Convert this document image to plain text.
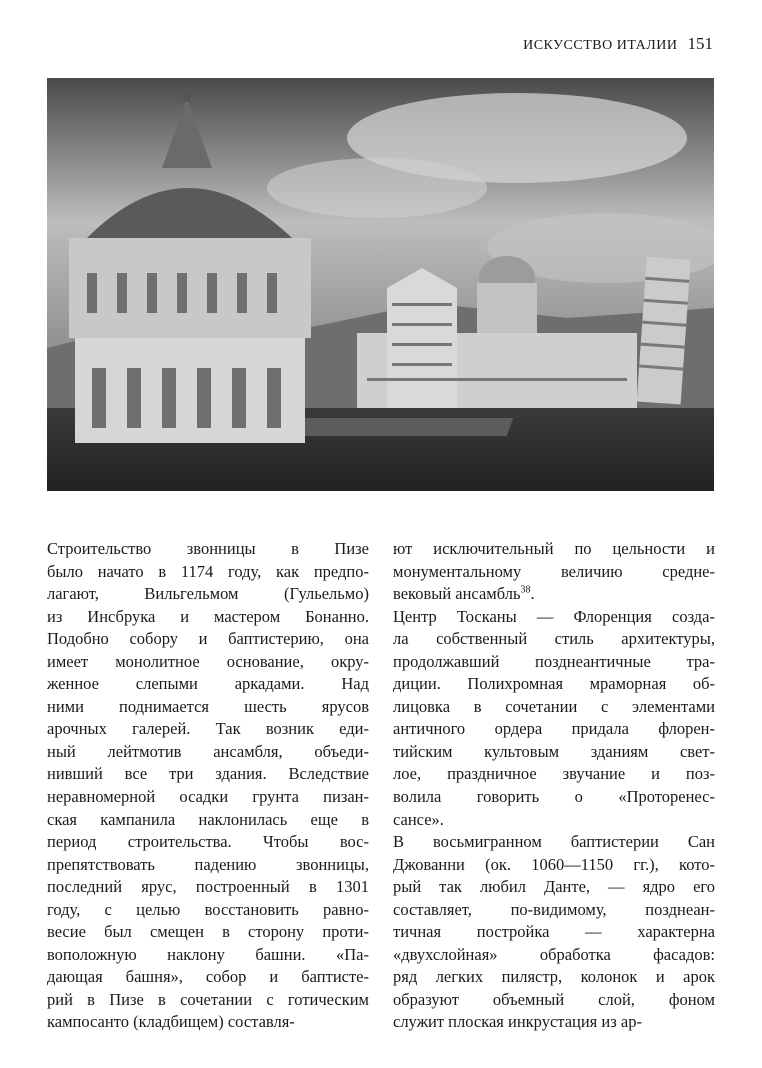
ИСКУССТВО ИТАЛИИ 151
Строительство звонницы в Пизе
было начато в 1174 году, как предпо-
лагают, Вильгельмом (Гульельмо)
из Инсбрука и мастером Бонанно.
Подобно собору и баптистерию, она
имеет монолитное основание, окру-
женное слепыми аркадами. Над
ними поднимается шесть ярусов
арочных галерей. Так возник еди-
ный лейтмотив ансамбля, объеди-
нивший все три здания. Вследствие
неравномерной осадки грунта пизан-
ская кампанила наклонилась еще в
период строительства. Чтобы вос-
препятствовать падению звонницы,
последний ярус, построенный в 1301
году, с целью восстановить равно-
весие был смещен в сторону проти-
воположную наклону башни. «Па-
дающая башня», собор и баптисте-
рий в Пизе в сочетании с готическим
кампосанто (кладбищем) составля-
ют исключительный по цельности и
монументальному величию средне-
вековый ансамбль$^{38}$.
Центр Тосканы — Флоренция созда-
ла собственный стиль архитектуры,
продолжавший позднеантичные тра-
диции. Полихромная мраморная об-
лицовка в сочетании с элементами
античного ордера придала флорен-
тийским культовым зданиям свет-
лое, праздничное звучание и поз-
волила говорить о «Проторенес-
сансе».
В восьмигранном баптистерии Сан
Джованни (ок. 1060—1150 гг.), кото-
рый так любил Данте, — ядро его
составляет, по-видимому, позднеан-
тичная постройка — характерна
«двухслойная» обработка фасадов:
ряд легких пилястр, колонок и арок
образуют объемный слой, фоном
служит плоская инкрустация из ар-
